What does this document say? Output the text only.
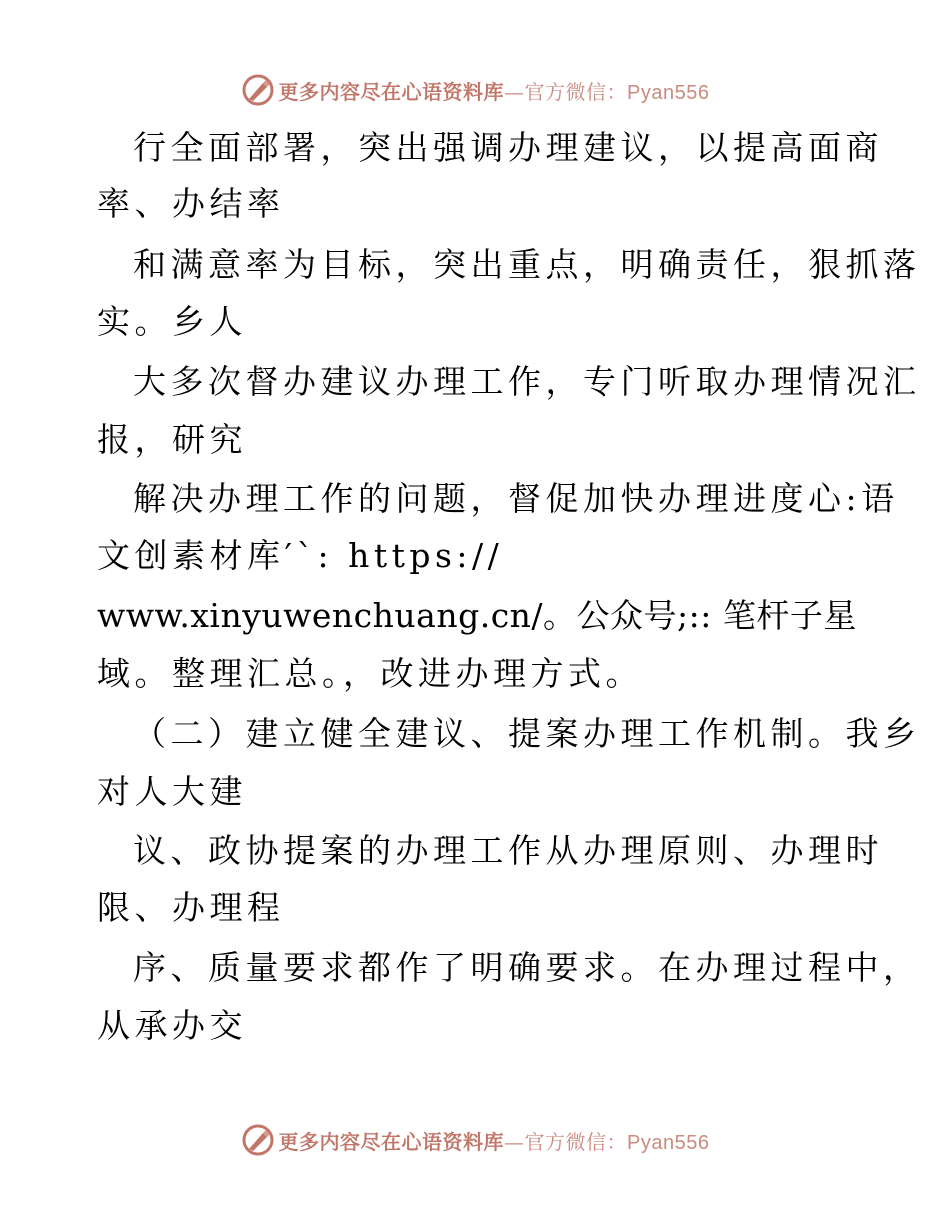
更多内容尽在心语资料库—官方微信：Pyan556
行全面部署，突出强调办理建议，以提高面商
率、办结率
和满意率为目标，突出重点，明确责任，狠抓落
实。乡人
大多次督办建议办理工作，专门听取办理情况汇
报，研究
解决办理工作的问题，督促加快办理进度心:语
文创素材库′`: https://
www.xinyuwenchuang.cn/。公众号;:: 笔杆子星
域。整理汇总。，改进办理方式。
（二）建立健全建议、提案办理工作机制。我乡
对人大建
议、政协提案的办理工作从办理原则、办理时
限、办理程
序、质量要求都作了明确要求。在办理过程中，
从承办交
更多内容尽在心语资料库—官方微信：Pyan556
